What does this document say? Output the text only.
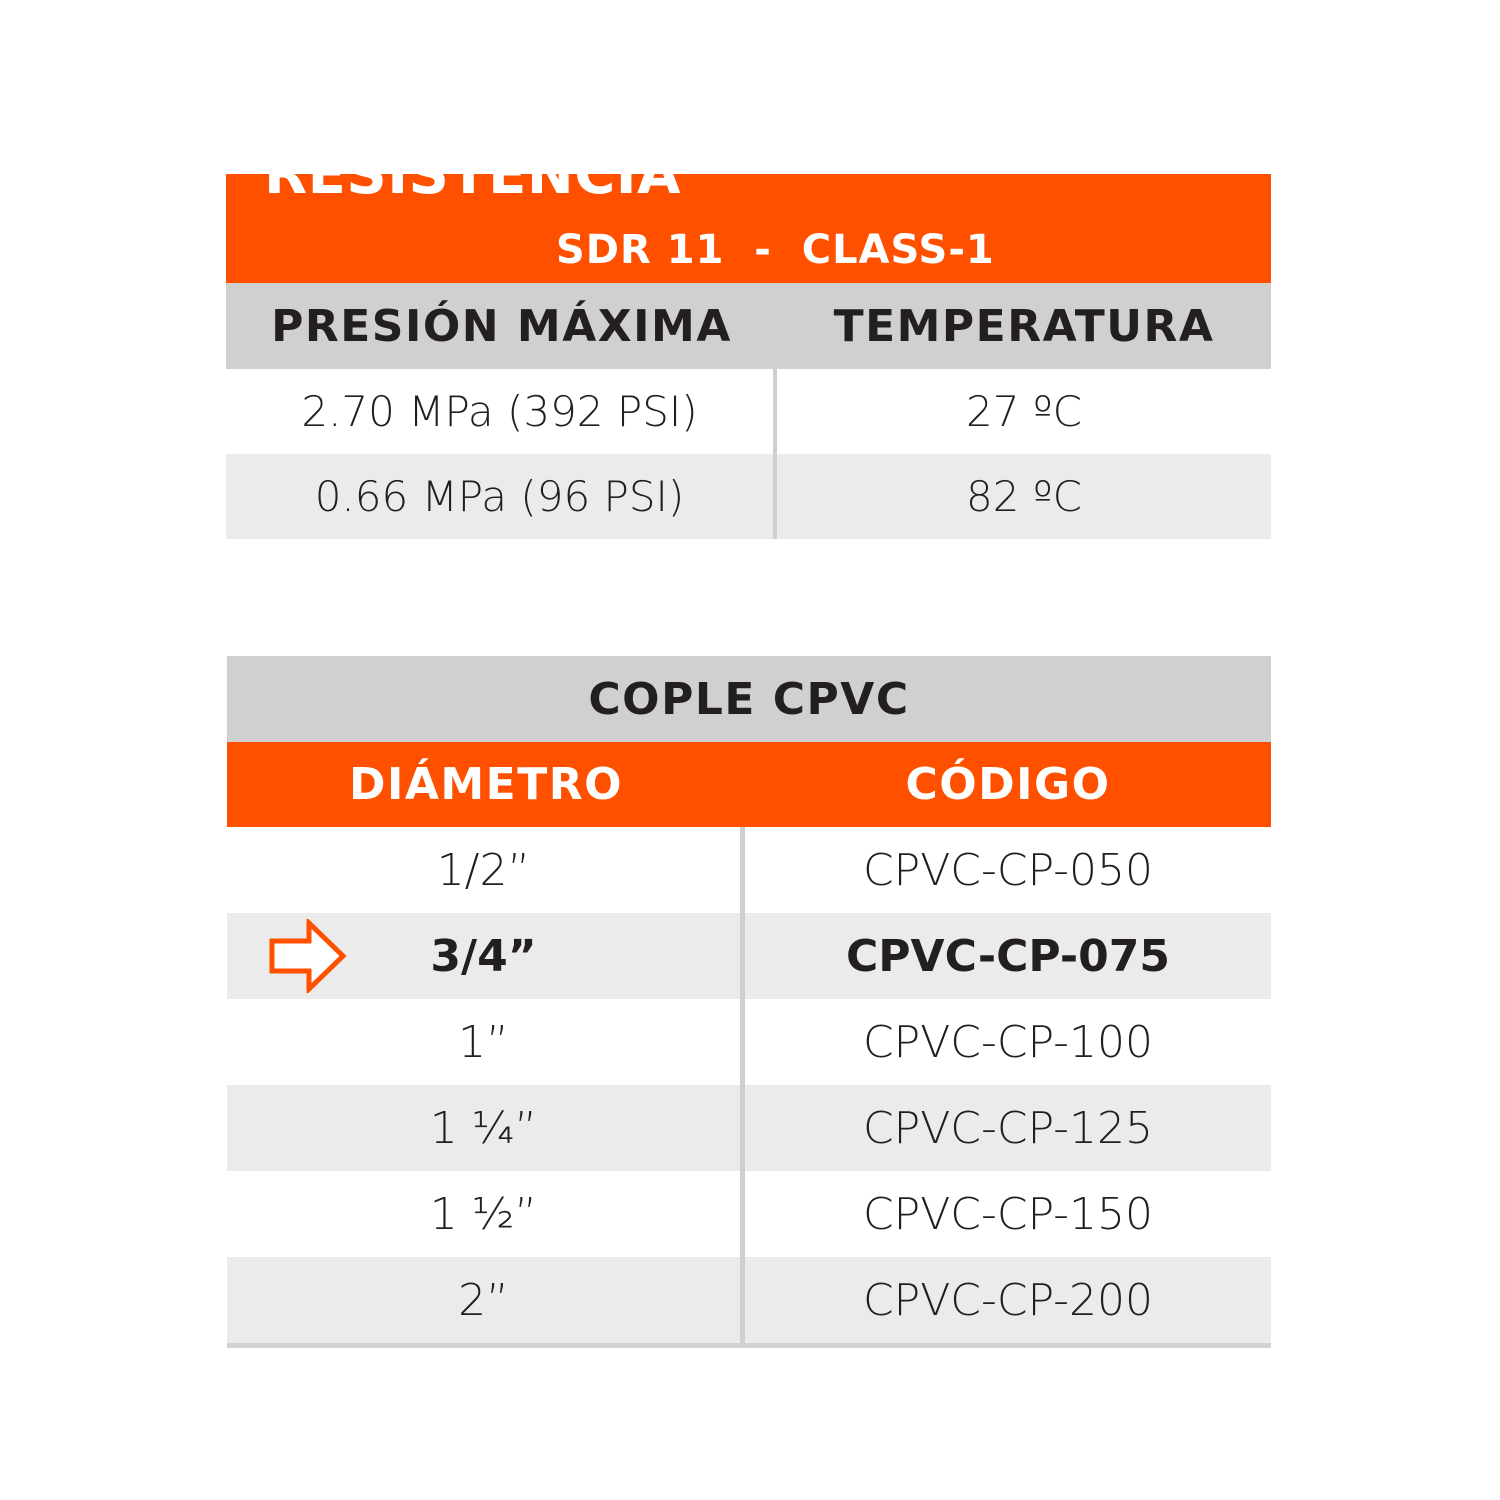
RESISTENCIA
SDR 11  -  CLASS-1
PRESIÓN MÁXIMA	TEMPERATURA
2.70 MPa (392 PSI)	27 ºC
0.66 MPa (96 PSI)	82 ºC
COPLE CPVC
DIÁMETRO	CÓDIGO
1/2”	CPVC-CP-050
3/4”	CPVC-CP-075
1”	CPVC-CP-100
1 ¼”	CPVC-CP-125
1 ½”	CPVC-CP-150
2”	CPVC-CP-200
